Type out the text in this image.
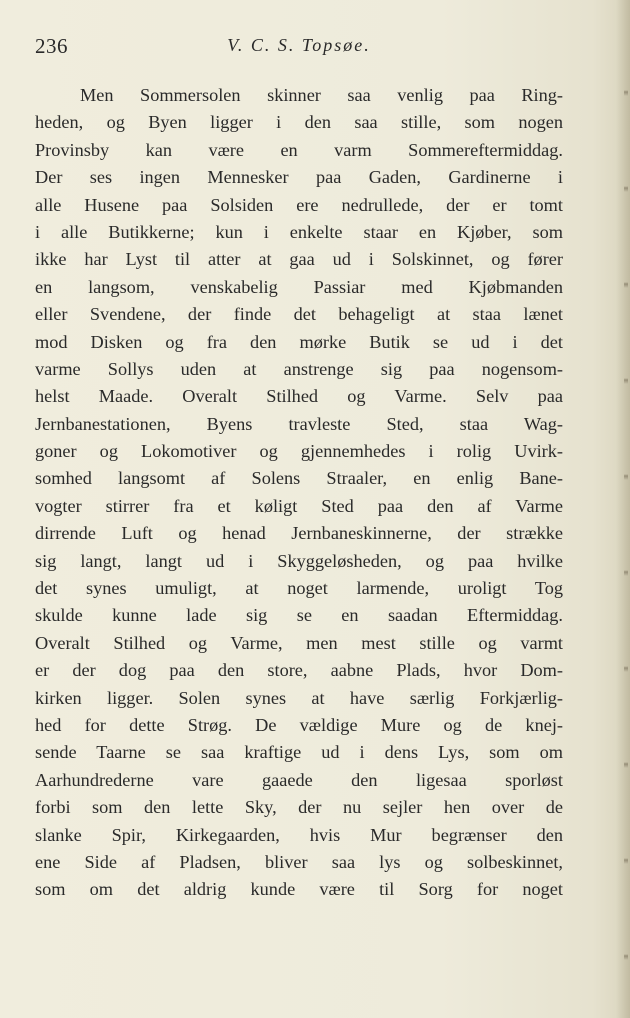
236	V. C. S. Topsøe.
Men Sommersolen skinner saa venlig paa Ring-
heden, og Byen ligger i den saa stille, som nogen
Provinsby kan være en varm Sommereftermiddag.
Der ses ingen Mennesker paa Gaden, Gardinerne i
alle Husene paa Solsiden ere nedrullede, der er tomt
i alle Butikkerne; kun i enkelte staar en Kjøber, som
ikke har Lyst til atter at gaa ud i Solskinnet, og fører
en langsom, venskabelig Passiar med Kjøbmanden
eller Svendene, der finde det behageligt at staa lænet
mod Disken og fra den mørke Butik se ud i det
varme Sollys uden at anstrenge sig paa nogensom-
helst Maade. Overalt Stilhed og Varme. Selv paa
Jernbanestationen, Byens travleste Sted, staa Wag-
goner og Lokomotiver og gjennemhedes i rolig Uvirk-
somhed langsomt af Solens Straaler, en enlig Bane-
vogter stirrer fra et køligt Sted paa den af Varme
dirrende Luft og henad Jernbaneskinnerne, der strække
sig langt, langt ud i Skyggeløsheden, og paa hvilke
det synes umuligt, at noget larmende, uroligt Tog
skulde kunne lade sig se en saadan Eftermiddag.
Overalt Stilhed og Varme, men mest stille og varmt
er der dog paa den store, aabne Plads, hvor Dom-
kirken ligger. Solen synes at have særlig Forkjærlig-
hed for dette Strøg. De vældige Mure og de knej-
sende Taarne se saa kraftige ud i dens Lys, som om
Aarhundrederne vare gaaede den ligesaa sporløst
forbi som den lette Sky, der nu sejler hen over de
slanke Spir, Kirkegaarden, hvis Mur begrænser den
ene Side af Pladsen, bliver saa lys og solbeskinnet,
som om det aldrig kunde være til Sorg for noget
